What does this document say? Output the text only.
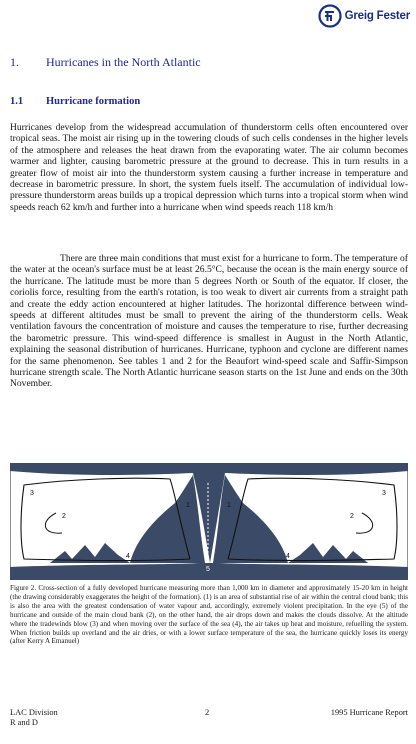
Greig Fester
1. Hurricanes in the North Atlantic
1.1 Hurricane formation
Hurricanes develop from the widespread accumulation of thunderstorm cells often encountered over tropical seas. The moist air rising up in the towering clouds of such cells condenses in the higher levels of the atmosphere and releases the heat drawn from the evaporating water. The air column becomes warmer and lighter, causing barometric pressure at the ground to decrease. This in turn results in a greater flow of moist air into the thunderstorm system causing a further increase in temperature and decrease in barometric pressure. In short, the system fuels itself. The accumulation of individual low-pressure thunderstorm areas builds up a tropical depression which turns into a tropical storm when wind speeds reach 62 km/h and further into a hurricane when wind speeds reach 118 km/h
There are three main conditions that must exist for a hurricane to form. The temperature of the water at the ocean's surface must be at least 26.5°C, because the ocean is the main energy source of the hurricane. The latitude must be more than 5 degrees North or South of the equator. If closer, the coriolis force, resulting from the earth's rotation, is too weak to divert air currents from a straight path and create the eddy action encountered at higher latitudes. The horizontal difference between wind-speeds at different altitudes must be small to prevent the airing of the thunderstorm cells. Weak ventilation favours the concentration of moisture and causes the temperature to rise, further decreasing the barometric pressure. This wind-speed difference is smallest in August in the North Atlantic, explaining the seasonal distribution of hurricanes. Hurricane, typhoon and cyclone are different names for the same phenomenon. See tables 1 and 2 for the Beaufort wind-speed scale and Saffir-Simpson hurricane strength scale. The North Atlantic hurricane season starts on the 1st June and ends on the 30th November.
1	1
2	2
3	3
4	4
5
Figure 2. Cross-section of a fully developed hurricane measuring more than 1,000 km in diameter and approximately 15-20 km in height (the drawing considerably exaggerates the height of the formation). (1) is an area of substantial rise of air within the central cloud bank; this is also the area with the greatest condensation of water vapour and, accordingly, extremely violent precipitation. In the eye (5) of the hurricane and outside of the main cloud bank (2), on the other hand, the air drops down and makes the clouds dissolve. At the altitude where the tradewinds blow (3) and when moving over the surface of the sea (4), the air takes up heat and moisture, refuelling the system. When friction builds up overland and the air dries, or with a lower surface temperature of the sea, the hurricane quickly loses its energy (after Kerry A Emanuel)
LAC Division
R and D
2	1995 Hurricane Report
